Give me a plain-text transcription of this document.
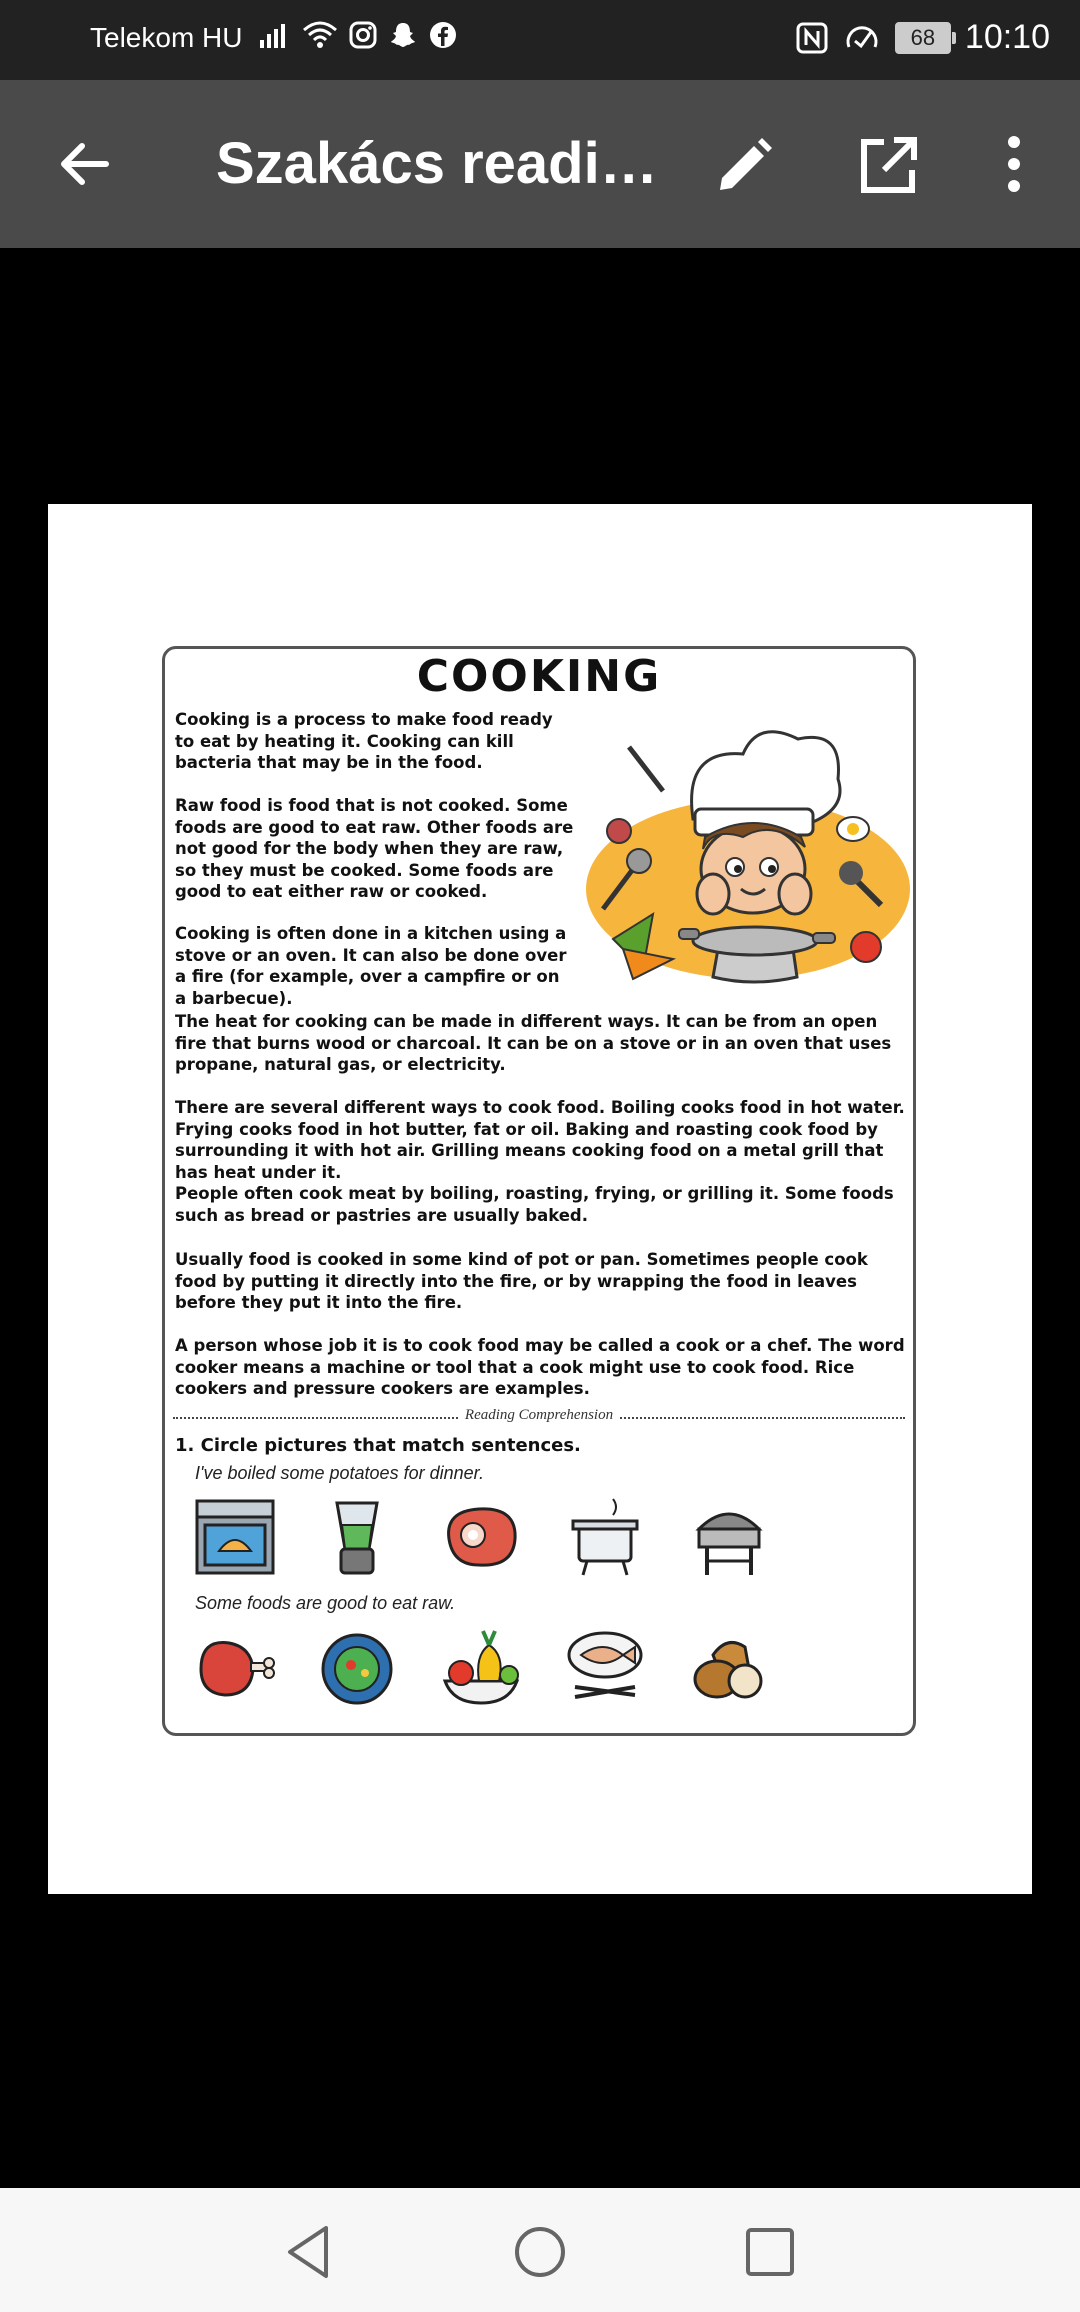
Telekom HU	68 10:10
Szakács readi…
COOKING
Cooking is a process to make food ready to eat by heating it. Cooking can kill bacteria that may be in the food.
Raw food is food that is not cooked. Some foods are good to eat raw. Other foods are not good for the body when they are raw, so they must be cooked. Some foods are good to eat either raw or cooked.
Cooking is often done in a kitchen using a stove or an oven. It can also be done over a fire (for example, over a campfire or on a barbecue).
The heat for cooking can be made in different ways. It can be from an open fire that burns wood or charcoal. It can be on a stove or in an oven that uses propane, natural gas, or electricity.
There are several different ways to cook food. Boiling cooks food in hot water. Frying cooks food in hot butter, fat or oil. Baking and roasting cook food by surrounding it with hot air. Grilling means cooking food on a metal grill that has heat under it.
People often cook meat by boiling, roasting, frying, or grilling it. Some foods such as bread or pastries are usually baked.
Usually food is cooked in some kind of pot or pan. Sometimes people cook food by putting it directly into the fire, or by wrapping the food in leaves before they put it into the fire.
A person whose job it is to cook food may be called a cook or a chef. The word cooker means a machine or tool that a cook might use to cook food. Rice cookers and pressure cookers are examples.
Reading Comprehension
1. Circle pictures that match sentences.
I've boiled some potatoes for dinner.
Some foods are good to eat raw.
